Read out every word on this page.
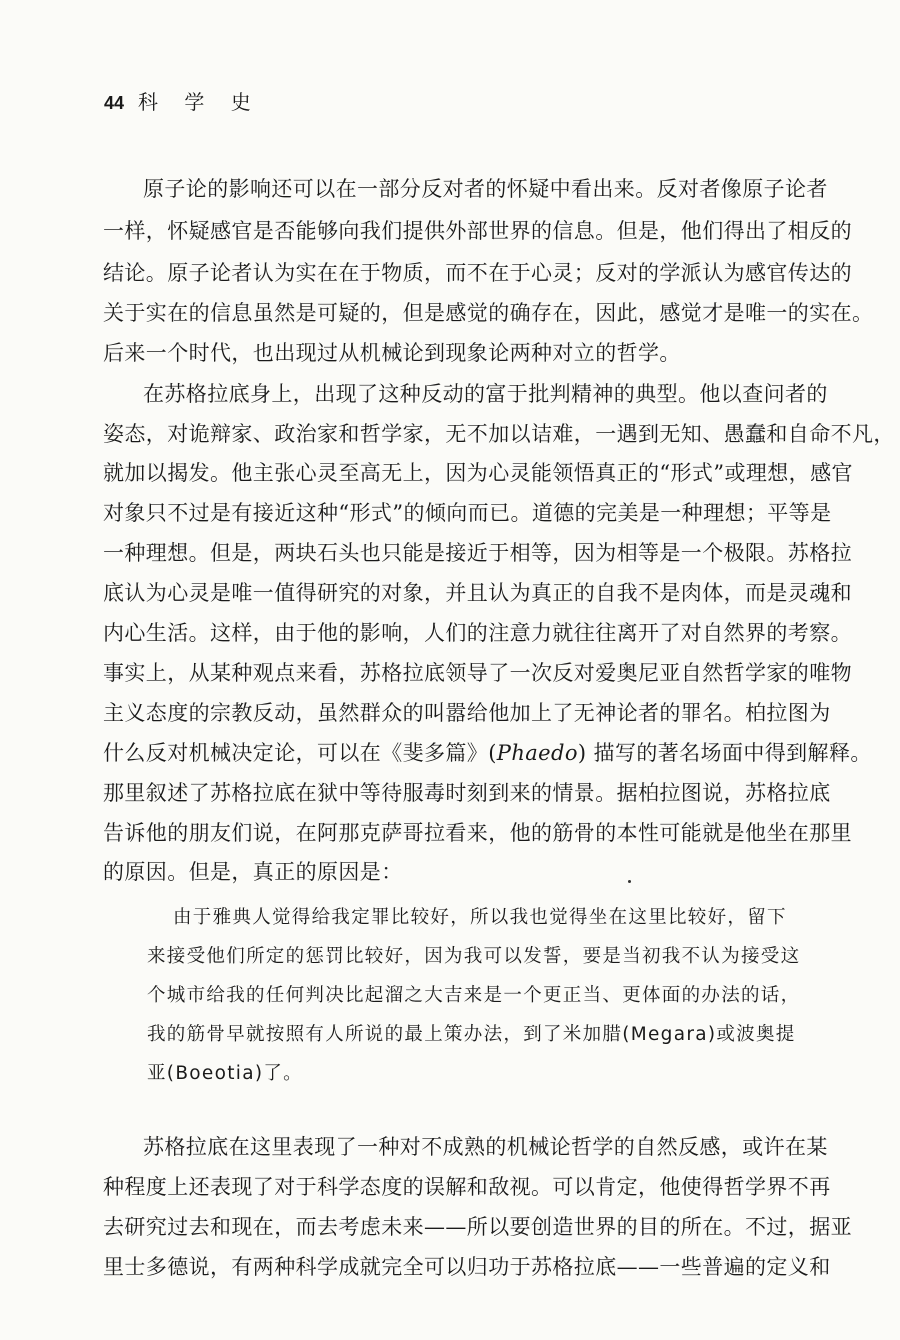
44 科 学 史
原子论的影响还可以在一部分反对者的怀疑中看出来。反对者像原子论者
一样，怀疑感官是否能够向我们提供外部世界的信息。但是，他们得出了相反的
结论。原子论者认为实在在于物质，而不在于心灵；反对的学派认为感官传达的
关于实在的信息虽然是可疑的，但是感觉的确存在，因此，感觉才是唯一的实在。
后来一个时代，也出现过从机械论到现象论两种对立的哲学。
在苏格拉底身上，出现了这种反动的富于批判精神的典型。他以查问者的
姿态，对诡辩家、政治家和哲学家，无不加以诘难，一遇到无知、愚蠢和自命不凡，
就加以揭发。他主张心灵至高无上，因为心灵能领悟真正的“形式”或理想，感官
对象只不过是有接近这种“形式”的倾向而已。道德的完美是一种理想；平等是
一种理想。但是，两块石头也只能是接近于相等，因为相等是一个极限。苏格拉
底认为心灵是唯一值得研究的对象，并且认为真正的自我不是肉体，而是灵魂和
内心生活。这样，由于他的影响，人们的注意力就往往离开了对自然界的考察。
事实上，从某种观点来看，苏格拉底领导了一次反对爱奥尼亚自然哲学家的唯物
主义态度的宗教反动，虽然群众的叫嚣给他加上了无神论者的罪名。柏拉图为
什么反对机械决定论，可以在《斐多篇》(Phaedo) 描写的著名场面中得到解释。
那里叙述了苏格拉底在狱中等待服毒时刻到来的情景。据柏拉图说，苏格拉底
告诉他的朋友们说，在阿那克萨哥拉看来，他的筋骨的本性可能就是他坐在那里
的原因。但是，真正的原因是：
由于雅典人觉得给我定罪比较好，所以我也觉得坐在这里比较好，留下
来接受他们所定的惩罚比较好，因为我可以发誓，要是当初我不认为接受这
个城市给我的任何判决比起溜之大吉来是一个更正当、更体面的办法的话，
我的筋骨早就按照有人所说的最上策办法，到了米加腊(Megara)或波奥提
亚(Boeotia)了。
苏格拉底在这里表现了一种对不成熟的机械论哲学的自然反感，或许在某
种程度上还表现了对于科学态度的误解和敌视。可以肯定，他使得哲学界不再
去研究过去和现在，而去考虑未来——所以要创造世界的目的所在。不过，据亚
里士多德说，有两种科学成就完全可以归功于苏格拉底——一些普遍的定义和
